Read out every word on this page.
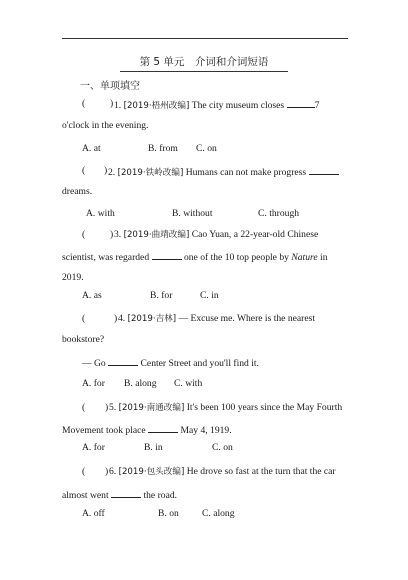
第 5 单元　介词和介词短语
一、单项填空
(	) 1. [2019·梧州改编] The city museum closes	7
o'clock in the evening.
A. at	B. from C. on
( ) 2. [2019·铁岭改编] Humans can not make progress
dreams.
A. with	B. without	C. through
(	) 3. [2019·曲靖改编] Cao Yuan, a 22-year-old Chinese
scientist, was regarded	one of the 10 top people by Nature in
2019.
A. as	B. for	C. in
(	) 4. [2019·吉林] — Excuse me. Where is the nearest
bookstore?
— Go	Center Street and you'll find it.
A. for B. along C. with
( ) 5. [2019·南通改编] It's been 100 years since the May Fourth
Movement took place	May 4, 1919.
A. for	B. in	C. on
( ) 6. [2019·包头改编] He drove so fast at the turn that the car
almost went	the road.
A. off	B. on C. along
